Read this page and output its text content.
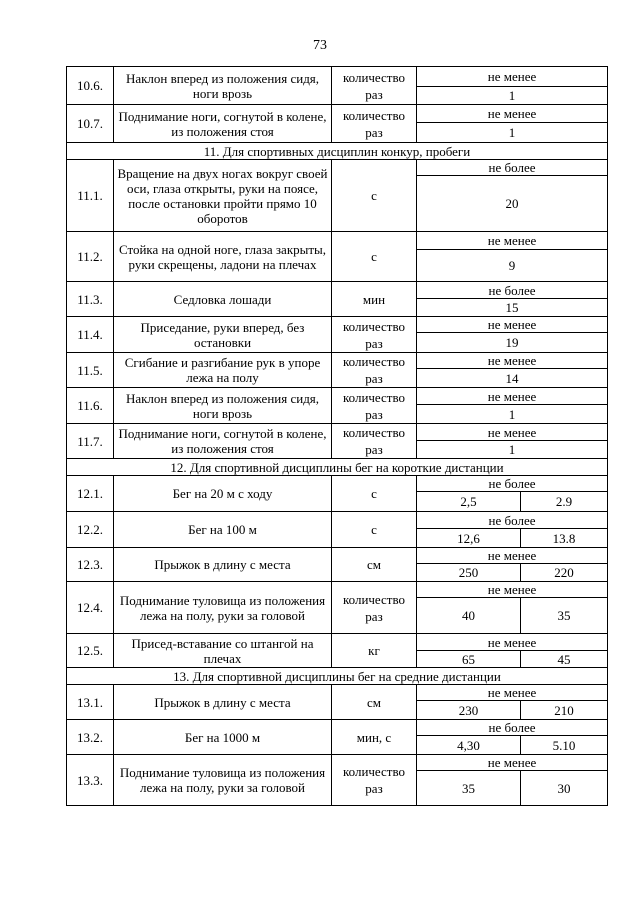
73
10.6.	Наклон вперед из положения сидя, ноги врозь	количество раз	не менее	
			1	
10.7.	Поднимание ноги, согнутой в колене, из положения стоя	количество раз	не менее	
			1	
11. Для спортивных дисциплин конкур, пробеги				
11.1.	Вращение на двух ногах вокруг своей оси, глаза открыты, руки на поясе, после остановки пройти прямо 10 оборотов	с	не более	
			20	
11.2.	Стойка на одной ноге, глаза закрыты, руки скрещены, ладони на плечах	с	не менее	
			9	
11.3.	Седловка лошади	мин	не более	
			15	
11.4.	Приседание, руки вперед, без остановки	количество раз	не менее	
			19	
11.5.	Сгибание и разгибание рук в упоре лежа на полу	количество раз	не менее	
			14	
11.6.	Наклон вперед из положения сидя, ноги врозь	количество раз	не менее	
			1	
11.7.	Поднимание ноги, согнутой в колене, из положения стоя	количество раз	не менее	
			1	
12. Для спортивной дисциплины бег на короткие дистанции				
12.1.	Бег на 20 м с ходу	с	не более	
			2,5	2.9
12.2.	Бег на 100 м	с	не более	
			12,6	13.8
12.3.	Прыжок в длину с места	см	не менее	
			250	220
12.4.	Поднимание туловища из положения лежа на полу, руки за головой	количество раз	не менее	
			40	35
12.5.	Присед-вставание со штангой на плечах	кг	не менее	
			65	45
13. Для спортивной дисциплины бег на средние дистанции				
13.1.	Прыжок в длину с места	см	не менее	
			230	210
13.2.	Бег на 1000 м	мин, с	не более	
			4,30	5.10
13.3.	Поднимание туловища из положения лежа на полу, руки за головой	количество раз	не менее	
			35	30
